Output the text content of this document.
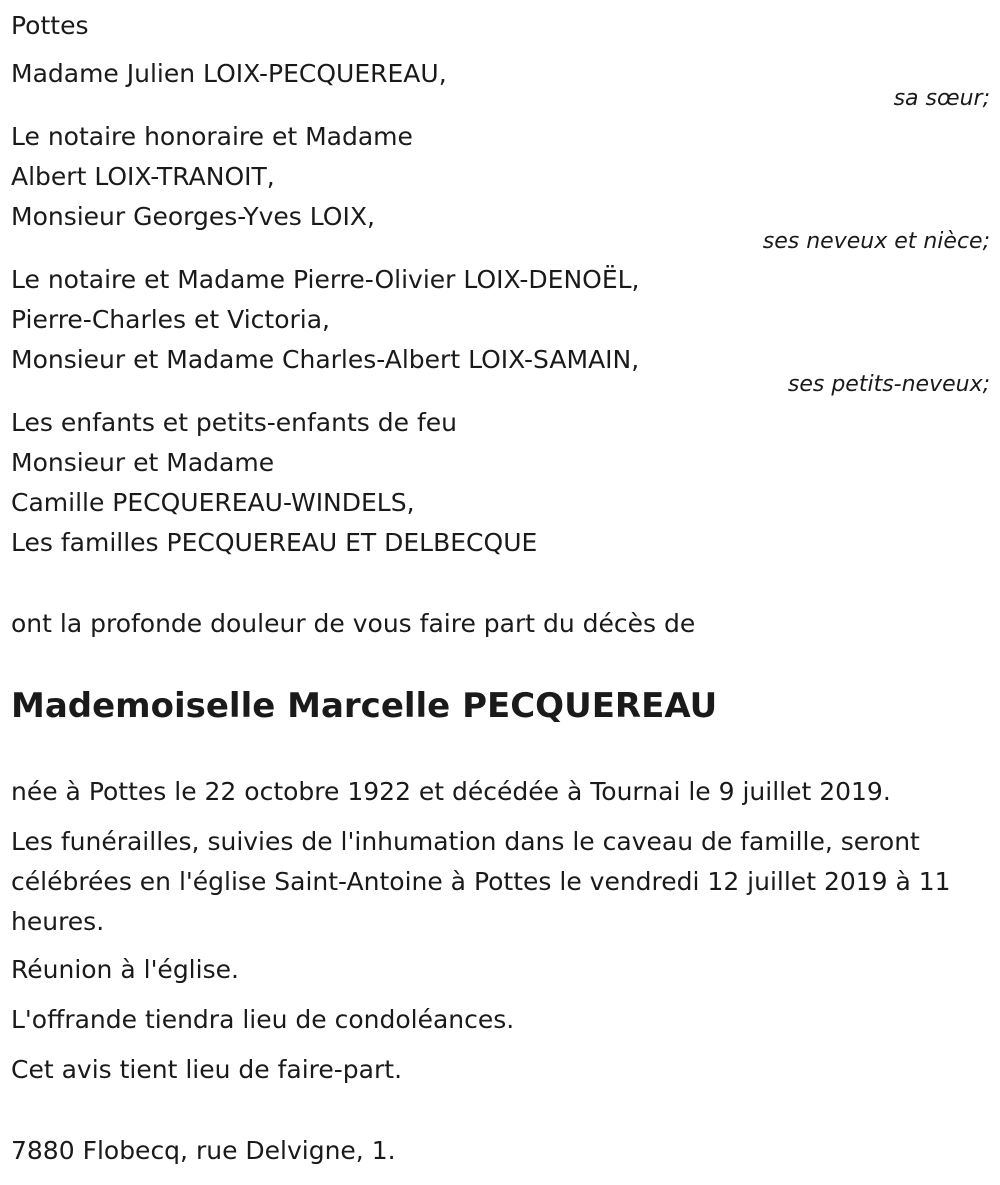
Pottes
Madame Julien LOIX-PECQUEREAU,
sa sœur;
Le notaire honoraire et Madame
Albert LOIX-TRANOIT,
Monsieur Georges-Yves LOIX,
ses neveux et nièce;
Le notaire et Madame Pierre-Olivier LOIX-DENOËL,
Pierre-Charles et Victoria,
Monsieur et Madame Charles-Albert LOIX-SAMAIN,
ses petits-neveux;
Les enfants et petits-enfants de feu
Monsieur et Madame
Camille PECQUEREAU-WINDELS,
Les familles PECQUEREAU ET DELBECQUE
ont la profonde douleur de vous faire part du décès de
Mademoiselle Marcelle PECQUEREAU
née à Pottes le 22 octobre 1922 et décédée à Tournai le 9 juillet 2019.
Les funérailles, suivies de l'inhumation dans le caveau de famille, seront célébrées en l'église Saint-Antoine à Pottes le vendredi 12 juillet 2019 à 11 heures.
Réunion à l'église.
L'offrande tiendra lieu de condoléances.
Cet avis tient lieu de faire-part.
7880 Flobecq, rue Delvigne, 1.
